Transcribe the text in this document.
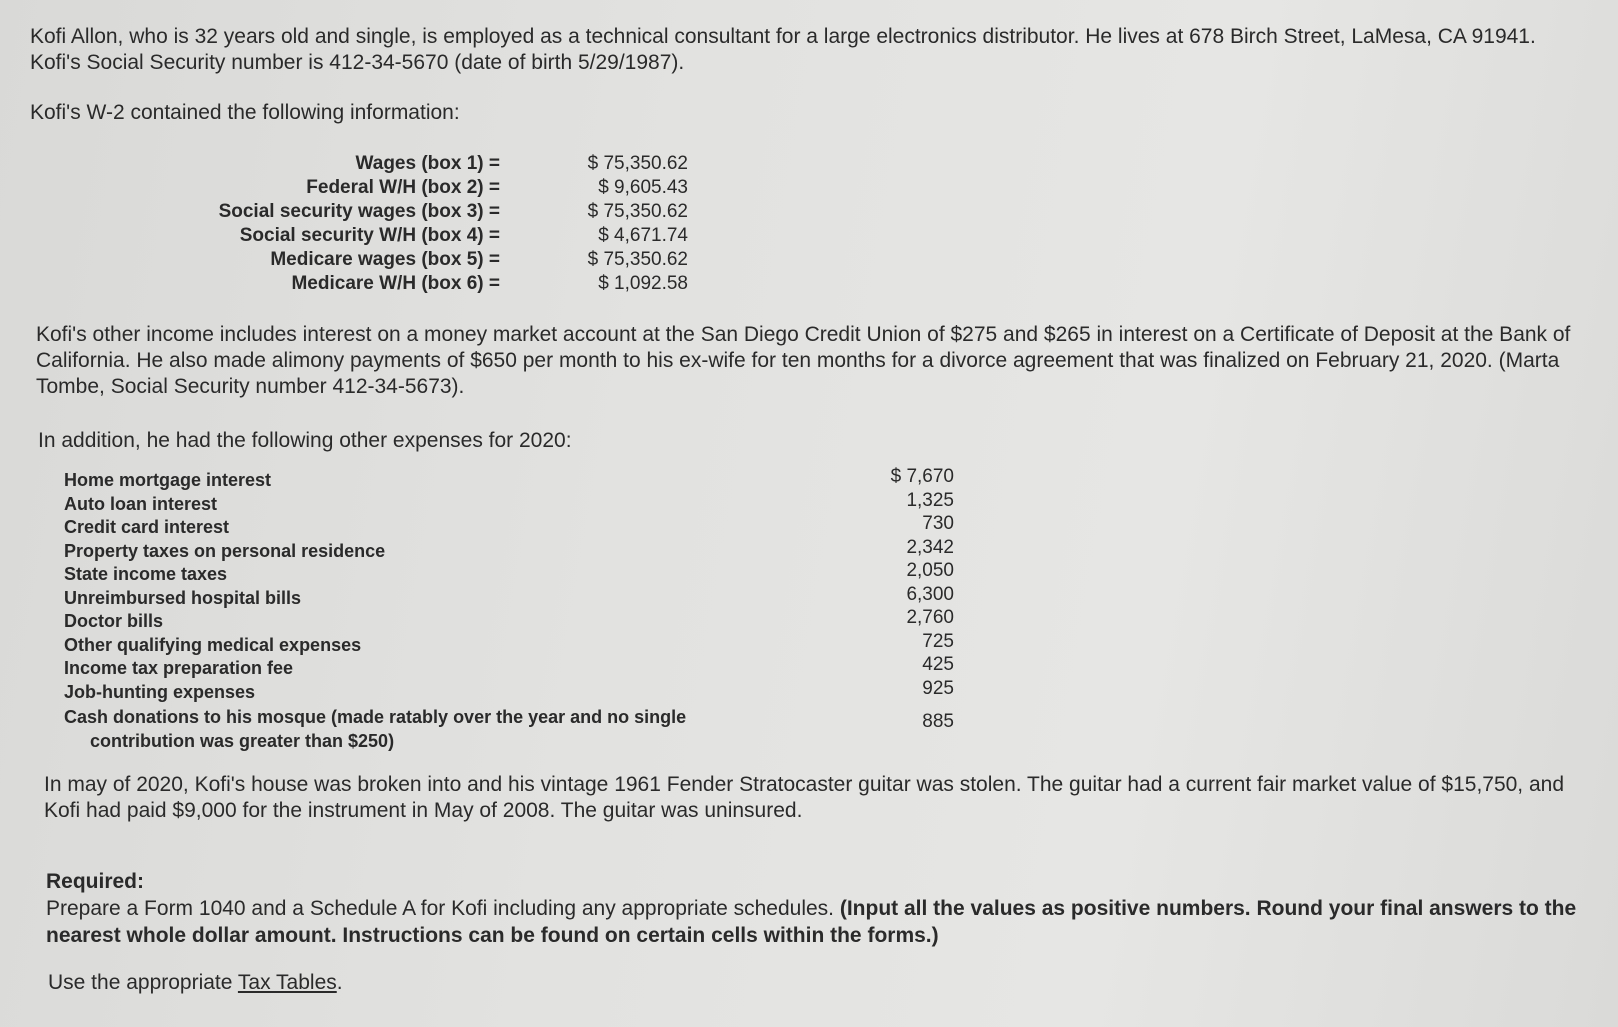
Kofi Allon, who is 32 years old and single, is employed as a technical consultant for a large electronics distributor. He lives at 678 Birch Street, LaMesa, CA 91941. Kofi's Social Security number is 412-34-5670 (date of birth 5/29/1987).

Kofi's W-2 contained the following information:

Wages (box 1) =	$ 75,350.62
Federal W/H (box 2) =	$ 9,605.43
Social security wages (box 3) =	$ 75,350.62
Social security W/H (box 4) =	$ 4,671.74
Medicare wages (box 5) =	$ 75,350.62
Medicare W/H (box 6) =	$ 1,092.58

Kofi's other income includes interest on a money market account at the San Diego Credit Union of $275 and $265 in interest on a Certificate of Deposit at the Bank of California. He also made alimony payments of $650 per month to his ex-wife for ten months for a divorce agreement that was finalized on February 21, 2020. (Marta Tombe, Social Security number 412-34-5673).

In addition, he had the following other expenses for 2020:

Home mortgage interest	$ 7,670
Auto loan interest	1,325
Credit card interest	730
Property taxes on personal residence	2,342
State income taxes	2,050
Unreimbursed hospital bills	6,300
Doctor bills	2,760
Other qualifying medical expenses	725
Income tax preparation fee	425
Job-hunting expenses	925
Cash donations to his mosque (made ratably over the year and no single
contribution was greater than $250)
885

In may of 2020, Kofi's house was broken into and his vintage 1961 Fender Stratocaster guitar was stolen. The guitar had a current fair market value of $15,750, and Kofi had paid $9,000 for the instrument in May of 2008. The guitar was uninsured.

Required:
Prepare a Form 1040 and a Schedule A for Kofi including any appropriate schedules. (Input all the values as positive numbers. Round your final answers to the nearest whole dollar amount. Instructions can be found on certain cells within the forms.)

Use the appropriate Tax Tables.
